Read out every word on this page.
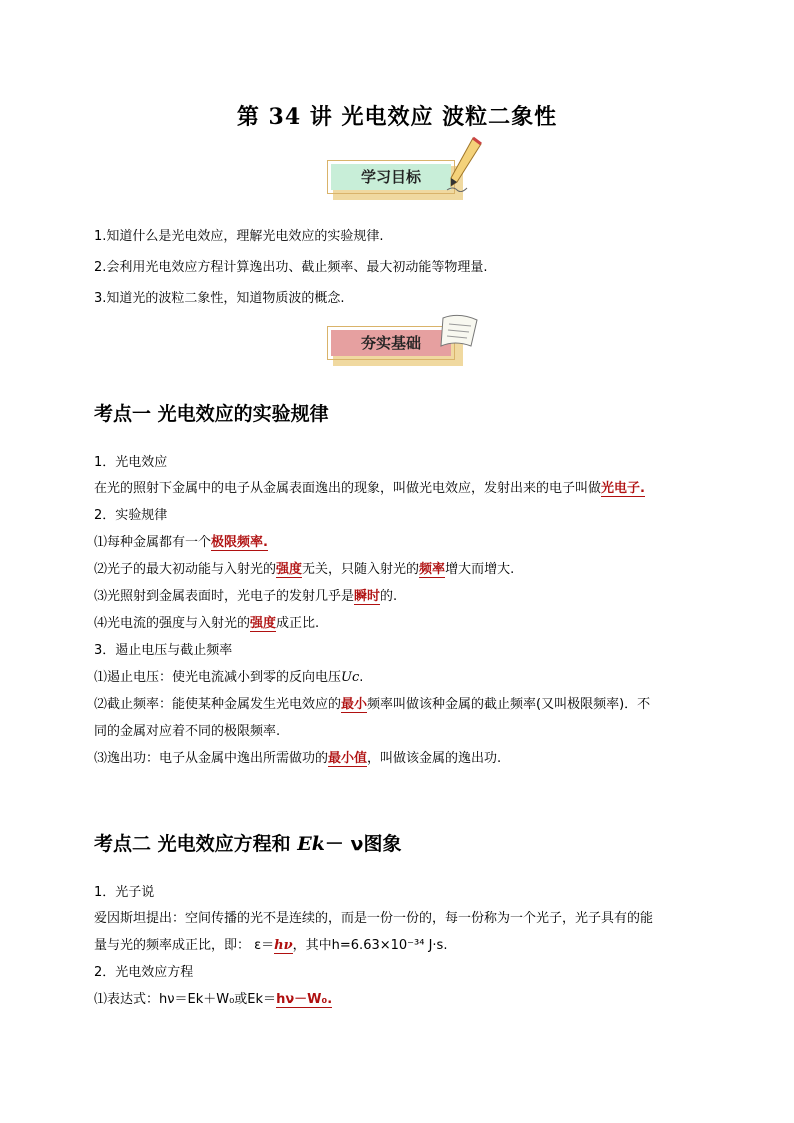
第 34 讲 光电效应 波粒二象性
学习目标
1.知道什么是光电效应，理解光电效应的实验规律.
2.会利用光电效应方程计算逸出功、截止频率、最大初动能等物理量.
3.知道光的波粒二象性，知道物质波的概念.
夯实基础
考点一 光电效应的实验规律
1．光电效应
在光的照射下金属中的电子从金属表面逸出的现象，叫做光电效应，发射出来的电子叫做光电子.
2．实验规律
⑴每种金属都有一个极限频率.
⑵光子的最大初动能与入射光的强度无关，只随入射光的频率增大而增大.
⑶光照射到金属表面时，光电子的发射几乎是瞬时的.
⑷光电流的强度与入射光的强度成正比.
3．遏止电压与截止频率
⑴遏止电压：使光电流减小到零的反向电压Uc.
⑵截止频率：能使某种金属发生光电效应的最小频率叫做该种金属的截止频率(又叫极限频率)．不
同的金属对应着不同的极限频率.
⑶逸出功：电子从金属中逸出所需做功的最小值，叫做该金属的逸出功.
考点二 光电效应方程和 Ek－ ν图象
1．光子说
爱因斯坦提出：空间传播的光不是连续的，而是一份一份的，每一份称为一个光子，光子具有的能
量与光的频率成正比，即： ε＝hν，其中h=6.63×10⁻³⁴ J·s.
2．光电效应方程
⑴表达式：hν＝Ek＋W₀或Ek＝hν－W₀.
